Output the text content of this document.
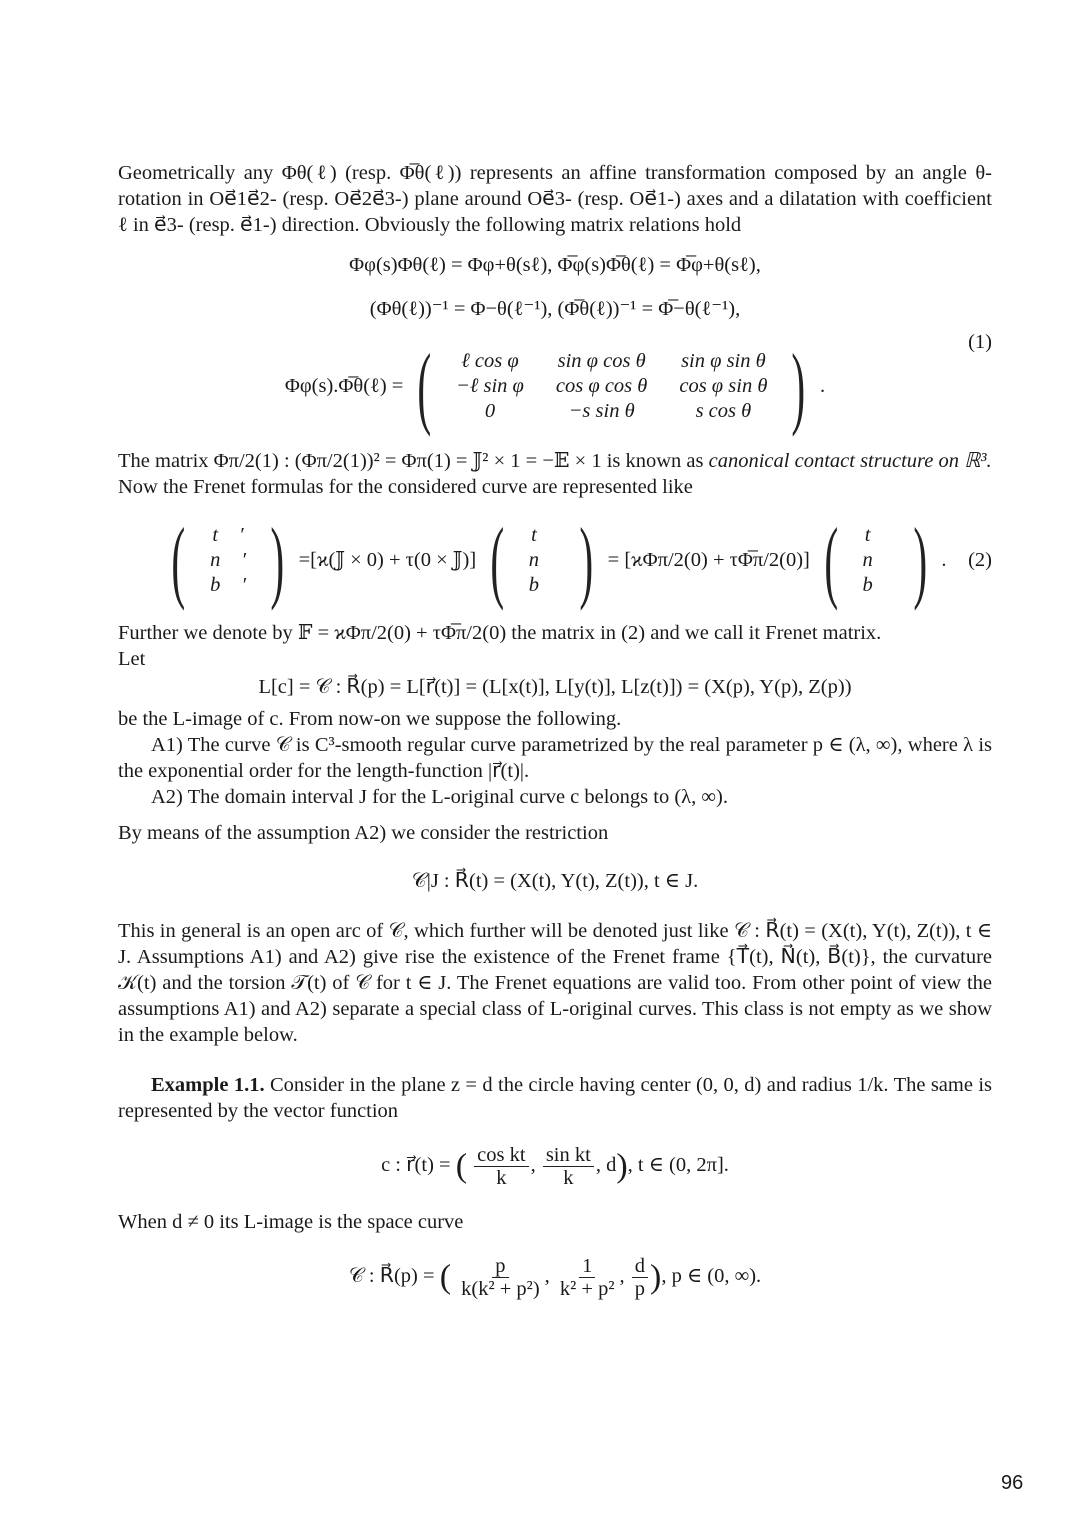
Geometrically any Φθ(ℓ) (resp. Φ̅θ(ℓ)) represents an affine transformation composed by an angle θ-rotation in Oe⃗1e⃗2- (resp. Oe⃗2e⃗3-) plane around Oe⃗3- (resp. Oe⃗1-) axes and a dilatation with coefficient ℓ in e⃗3- (resp. e⃗1-) direction. Obviously the following matrix relations hold

Φφ(s)Φθ(ℓ) = Φφ+θ(sℓ), Φ̅φ(s)Φ̅θ(ℓ) = Φ̅φ+θ(sℓ),
(Φθ(ℓ))⁻¹ = Φ−θ(ℓ⁻¹), (Φ̅θ(ℓ))⁻¹ = Φ̅−θ(ℓ⁻¹),
Φφ(s).Φ̅θ(ℓ) = ( ℓ cos φ	sin φ cos θ	sin φ sin θ
−ℓ sin φ	cos φ cos θ	cos φ sin θ
0	−s sin θ	s cos θ ) .
(1)

The matrix Φπ/2(1) : (Φπ/2(1))² = Φπ(1) = 𝕁² × 1 = −𝔼 × 1 is known as canonical contact structure on ℝ³.

Now the Frenet formulas for the considered curve are represented like

( t⃗ ′
n⃗ ′
b⃗ ′ ) =[ϰ(𝕁 × 0) + τ(0 × 𝕁)] ( t⃗
n⃗
b⃗ ) = [ϰΦπ/2(0) + τΦ̅π/2(0)] ( t⃗
n⃗
b⃗ ) . (2)

Further we denote by 𝔽 = ϰΦπ/2(0) + τΦ̅π/2(0) the matrix in (2) and we call it Frenet matrix.

Let

L[c] = 𝒞 : R⃗(p) = L[r⃗(t)] = (L[x(t)], L[y(t)], L[z(t)]) = (X(p), Y(p), Z(p))

be the L-image of c. From now-on we suppose the following.

A1) The curve 𝒞 is C³-smooth regular curve parametrized by the real parameter p ∈ (λ, ∞), where λ is the exponential order for the length-function |r⃗(t)|.

A2) The domain interval J for the L-original curve c belongs to (λ, ∞).

By means of the assumption A2) we consider the restriction

𝒞|J : R⃗(t) = (X(t), Y(t), Z(t)), t ∈ J.

This in general is an open arc of 𝒞, which further will be denoted just like 𝒞 : R⃗(t) = (X(t), Y(t), Z(t)), t ∈ J. Assumptions A1) and A2) give rise the existence of the Frenet frame {T⃗(t), N⃗(t), B⃗(t)}, the curvature 𝒦(t) and the torsion 𝒯(t) of 𝒞 for t ∈ J. The Frenet equations are valid too. From other point of view the assumptions A1) and A2) separate a special class of L-original curves. This class is not empty as we show in the example below.

Example 1.1. Consider in the plane z = d the circle having center (0, 0, d) and radius 1/k. The same is represented by the vector function

c : r⃗(t) = ( $\frac{\text{cos kt}}{k}$ , $\frac{\text{sin kt}}{k}$ , d), t ∈ (0, 2π].

When d ≠ 0 its L-image is the space curve

𝒞 : R⃗(p) = ( $\frac{p}{\text{k(k² + p²)}}$ , $\frac{1}{\text{k² + p²}}$ , $\frac{d}{p}$ ), p ∈ (0, ∞).
96
